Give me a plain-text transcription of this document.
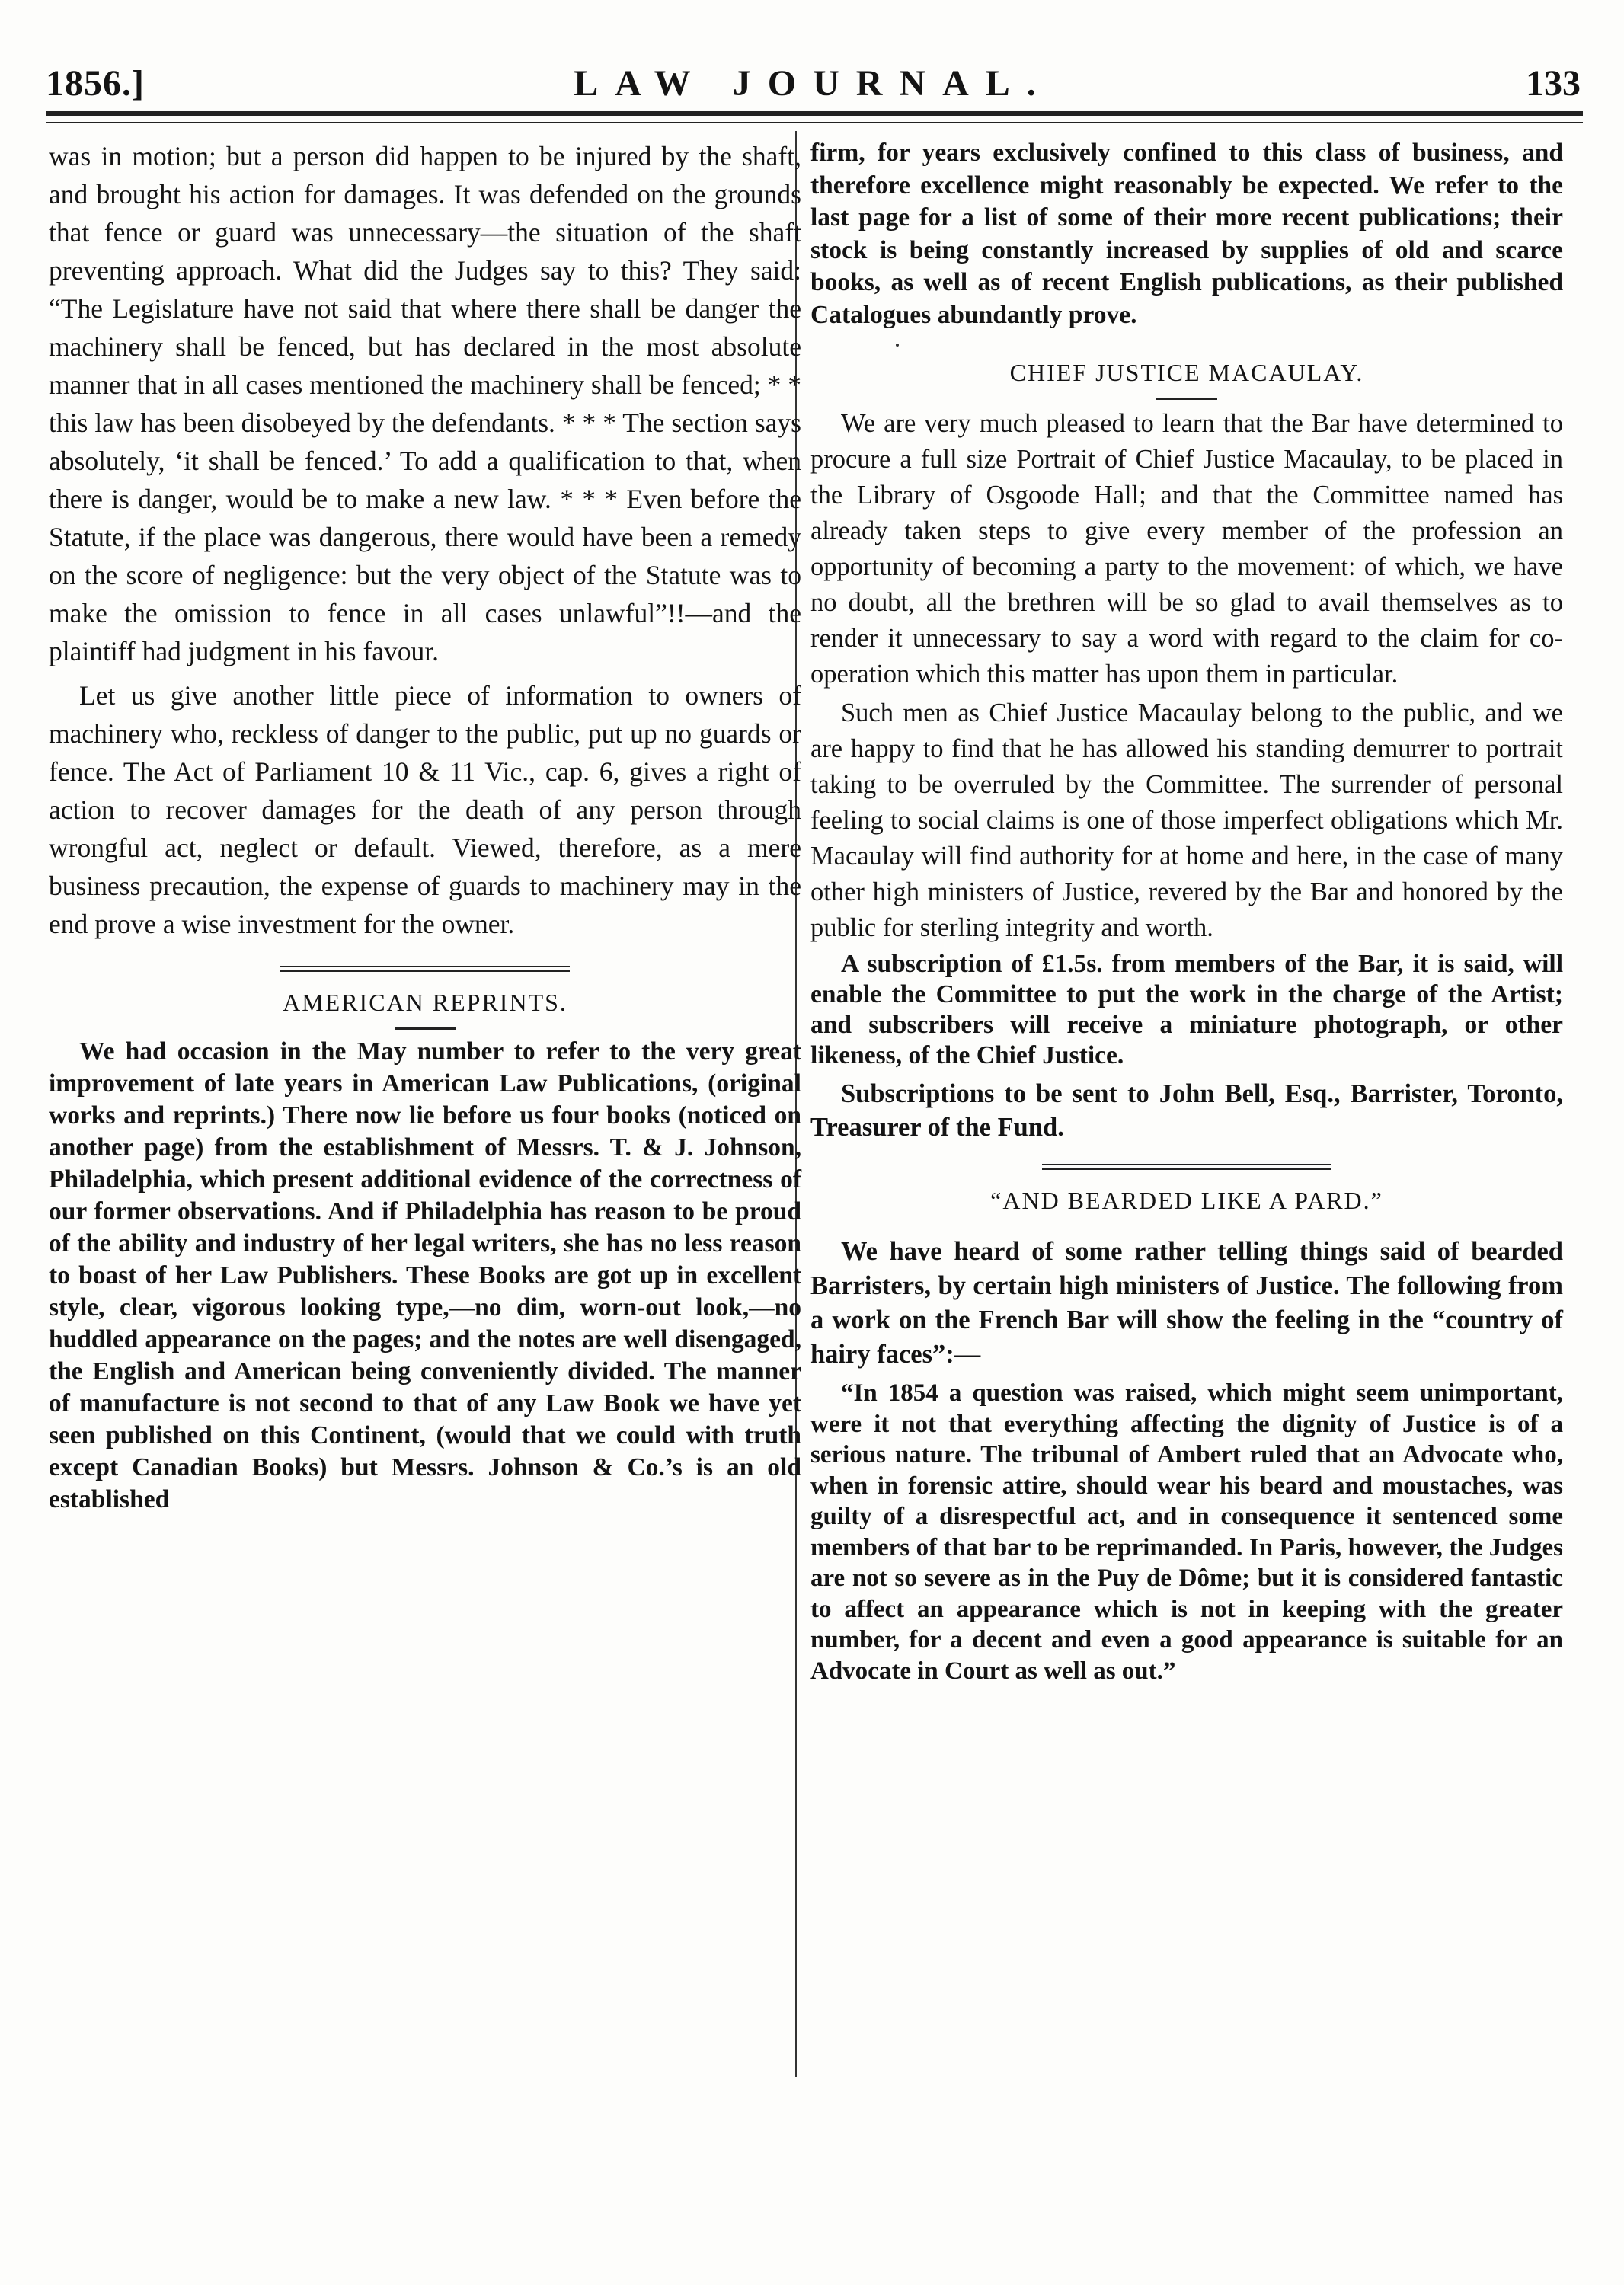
1856.]	LAW JOURNAL.	133

was in motion; but a person did happen to be injured by the shaft, and brought his action for damages. It was defended on the grounds that fence or guard was unnecessary—the situation of the shaft preventing approach. What did the Judges say to this? They said: “The Legislature have not said that where there shall be danger the machinery shall be fenced, but has declared in the most absolute manner that in all cases mentioned the machinery shall be fenced; * * this law has been disobeyed by the defendants. * * * The section says absolutely, ‘it shall be fenced.’ To add a qualification to that, when there is danger, would be to make a new law. * * * Even before the Statute, if the place was dangerous, there would have been a remedy on the score of negligence: but the very object of the Statute was to make the omission to fence in all cases unlawful”!!—and the plaintiff had judgment in his favour.

Let us give another little piece of information to owners of machinery who, reckless of danger to the public, put up no guards or fence. The Act of Parliament 10 & 11 Vic., cap. 6, gives a right of action to recover damages for the death of any person through wrongful act, neglect or default. Viewed, therefore, as a mere business precaution, the expense of guards to machinery may in the end prove a wise investment for the owner.

AMERICAN REPRINTS.

We had occasion in the May number to refer to the very great improvement of late years in American Law Publications, (original works and reprints.) There now lie before us four books (noticed on another page) from the establishment of Messrs. T. & J. Johnson, Philadelphia, which present additional evidence of the correctness of our former observations. And if Philadelphia has reason to be proud of the ability and industry of her legal writers, she has no less reason to boast of her Law Publishers. These Books are got up in excellent style, clear, vigorous looking type,—no dim, worn-out look,—no huddled appearance on the pages; and the notes are well disengaged, the English and American being conveniently divided. The manner of manufacture is not second to that of any Law Book we have yet seen published on this Continent, (would that we could with truth except Canadian Books) but Messrs. Johnson & Co.’s is an old established

firm, for years exclusively confined to this class of business, and therefore excellence might reasonably be expected. We refer to the last page for a list of some of their more recent publications; their stock is being constantly increased by supplies of old and scarce books, as well as of recent English publications, as their published Catalogues abundantly prove.

CHIEF JUSTICE MACAULAY.

We are very much pleased to learn that the Bar have determined to procure a full size Portrait of Chief Justice Macaulay, to be placed in the Library of Osgoode Hall; and that the Committee named has already taken steps to give every member of the profession an opportunity of becoming a party to the movement: of which, we have no doubt, all the brethren will be so glad to avail themselves as to render it unnecessary to say a word with regard to the claim for co-operation which this matter has upon them in particular.

Such men as Chief Justice Macaulay belong to the public, and we are happy to find that he has allowed his standing demurrer to portrait taking to be overruled by the Committee. The surrender of personal feeling to social claims is one of those imperfect obligations which Mr. Macaulay will find authority for at home and here, in the case of many other high ministers of Justice, revered by the Bar and honored by the public for sterling integrity and worth.

A subscription of £1.5s. from members of the Bar, it is said, will enable the Committee to put the work in the charge of the Artist; and subscribers will receive a miniature photograph, or other likeness, of the Chief Justice.

Subscriptions to be sent to John Bell, Esq., Barrister, Toronto, Treasurer of the Fund.

“AND BEARDED LIKE A PARD.”

We have heard of some rather telling things said of bearded Barristers, by certain high ministers of Justice. The following from a work on the French Bar will show the feeling in the “country of hairy faces”:—

“In 1854 a question was raised, which might seem unimportant, were it not that everything affecting the dignity of Justice is of a serious nature. The tribunal of Ambert ruled that an Advocate who, when in forensic attire, should wear his beard and moustaches, was guilty of a disrespectful act, and in consequence it sentenced some members of that bar to be reprimanded. In Paris, however, the Judges are not so severe as in the Puy de Dôme; but it is considered fantastic to affect an appearance which is not in keeping with the greater number, for a decent and even a good appearance is suitable for an Advocate in Court as well as out.”
